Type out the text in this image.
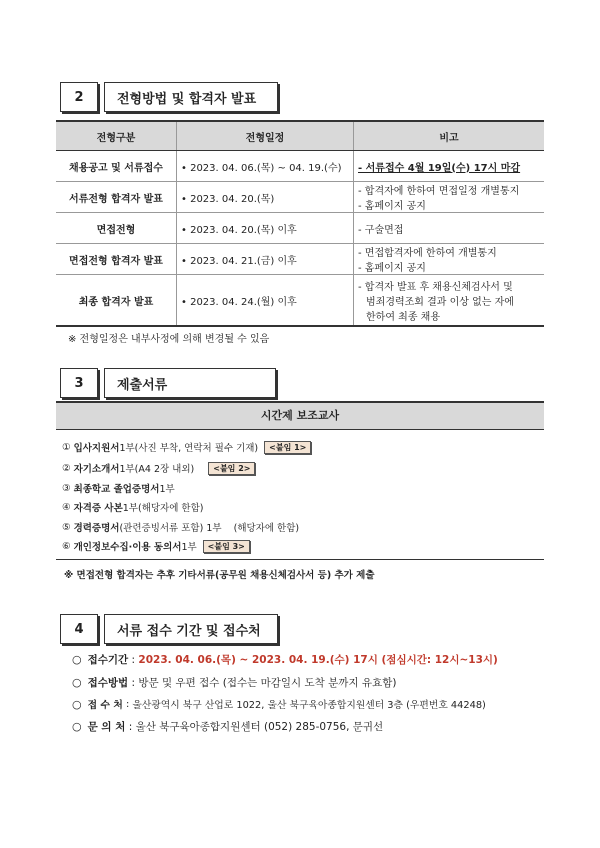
2	전형방법 및 합격자 발표
전형구분	전형일정	비고
채용공고 및 서류접수	• 2023. 04. 06.(목) ~ 04. 19.(수)	- 서류접수 4월 19일(수) 17시 마감
서류전형 합격자 발표	• 2023. 04. 20.(목)	- 합격자에 한하여 면접일정 개별통지
- 홈페이지 공지

면접전형	• 2023. 04. 20.(목) 이후	- 구술면접

면접전형 합격자 발표	• 2023. 04. 21.(금) 이후	- 면접합격자에 한하여 개별통지
- 홈페이지 공지

최종 합격자 발표	• 2023. 04. 24.(월) 이후	- 합격자 발표 후 채용신체검사서 및
범죄경력조회 결과 이상 없는 자에
한하여 최종 채용
※ 전형일정은 내부사정에 의해 변경될 수 있음
3	제출서류
시간제 보조교사
①
입사지원서 1부(사진 부착, 연락처 필수 기재)	<붙임 1>
②
자기소개서 1부(A4 2장 내외)	<붙임 2>
③
최종학교 졸업증명서 1부
④
자격증 사본 1부(해당자에 한함)
⑤
경력증명서 (관련증빙서류 포함) 1부    (해당자에 한함)
⑥
개인정보수집·이용 동의서 1부	<붙임 3>
※ 면접전형 합격자는 추후 기타서류(공무원 채용신체검사서 등) 추가 제출
4	서류 접수 기간 및 접수처
○ 접수기간 : 2023. 04. 06.(목) ~ 2023. 04. 19.(수) 17시 (점심시간: 12시~13시)
○ 접수방법 : 방문 및 우편 접수 (접수는 마감일시 도착 분까지 유효함)
○ 접 수 처 : 울산광역시 북구 산업로 1022, 울산 북구육아종합지원센터 3층 (우편번호 44248)
○ 문 의 처 : 울산 북구육아종합지원센터 (052) 285-0756, 문귀선
